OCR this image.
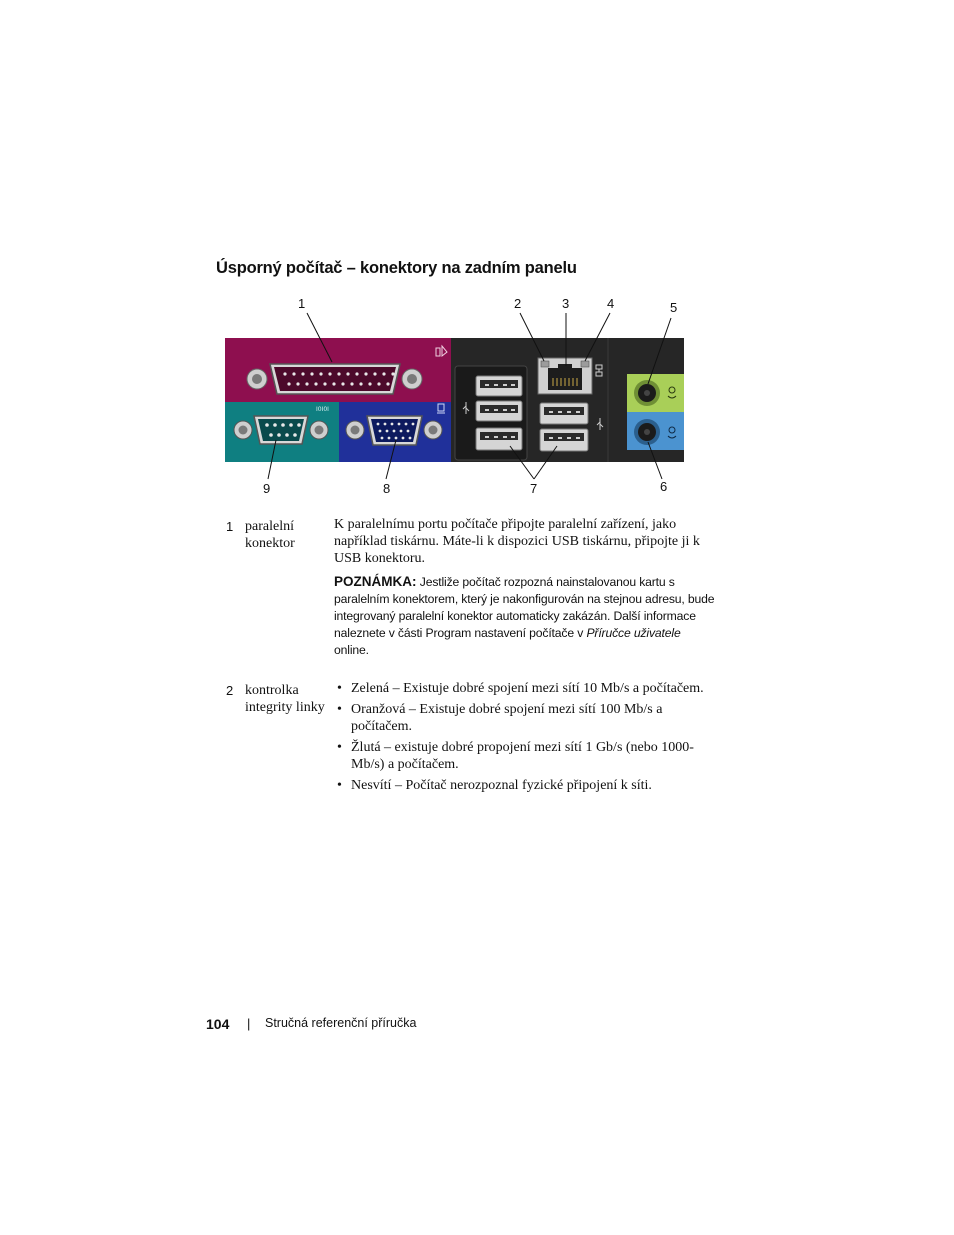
Úsporný počítač – konektory na zadním panelu
I0I0I
1	2	3	4	5
6
7
8
9
1 paralelní konektor
K paralelnímu portu počítače připojte paralelní zařízení, jako například tiskárnu. Máte-li k dispozici USB tiskárnu, připojte ji k USB konektoru.
POZNÁMKA: Jestliže počítač rozpozná nainstalovanou kartu s paralelním konektorem, který je nakonfigurován na stejnou adresu, bude integrovaný paralelní konektor automaticky zakázán. Další informace naleznete v části Program nastavení počítače v Příručce uživatele online.
2 kontrolka integrity linky
• Zelená – Existuje dobré spojení mezi sítí 10 Mb/s a počítačem.
• Oranžová – Existuje dobré spojení mezi sítí 100 Mb/s a počítačem.
• Žlutá – existuje dobré propojení mezi sítí 1 Gb/s (nebo 1000-Mb/s) a počítačem.
• Nesvítí – Počítač nerozpoznal fyzické připojení k síti.
104 | Stručná referenční příručka
